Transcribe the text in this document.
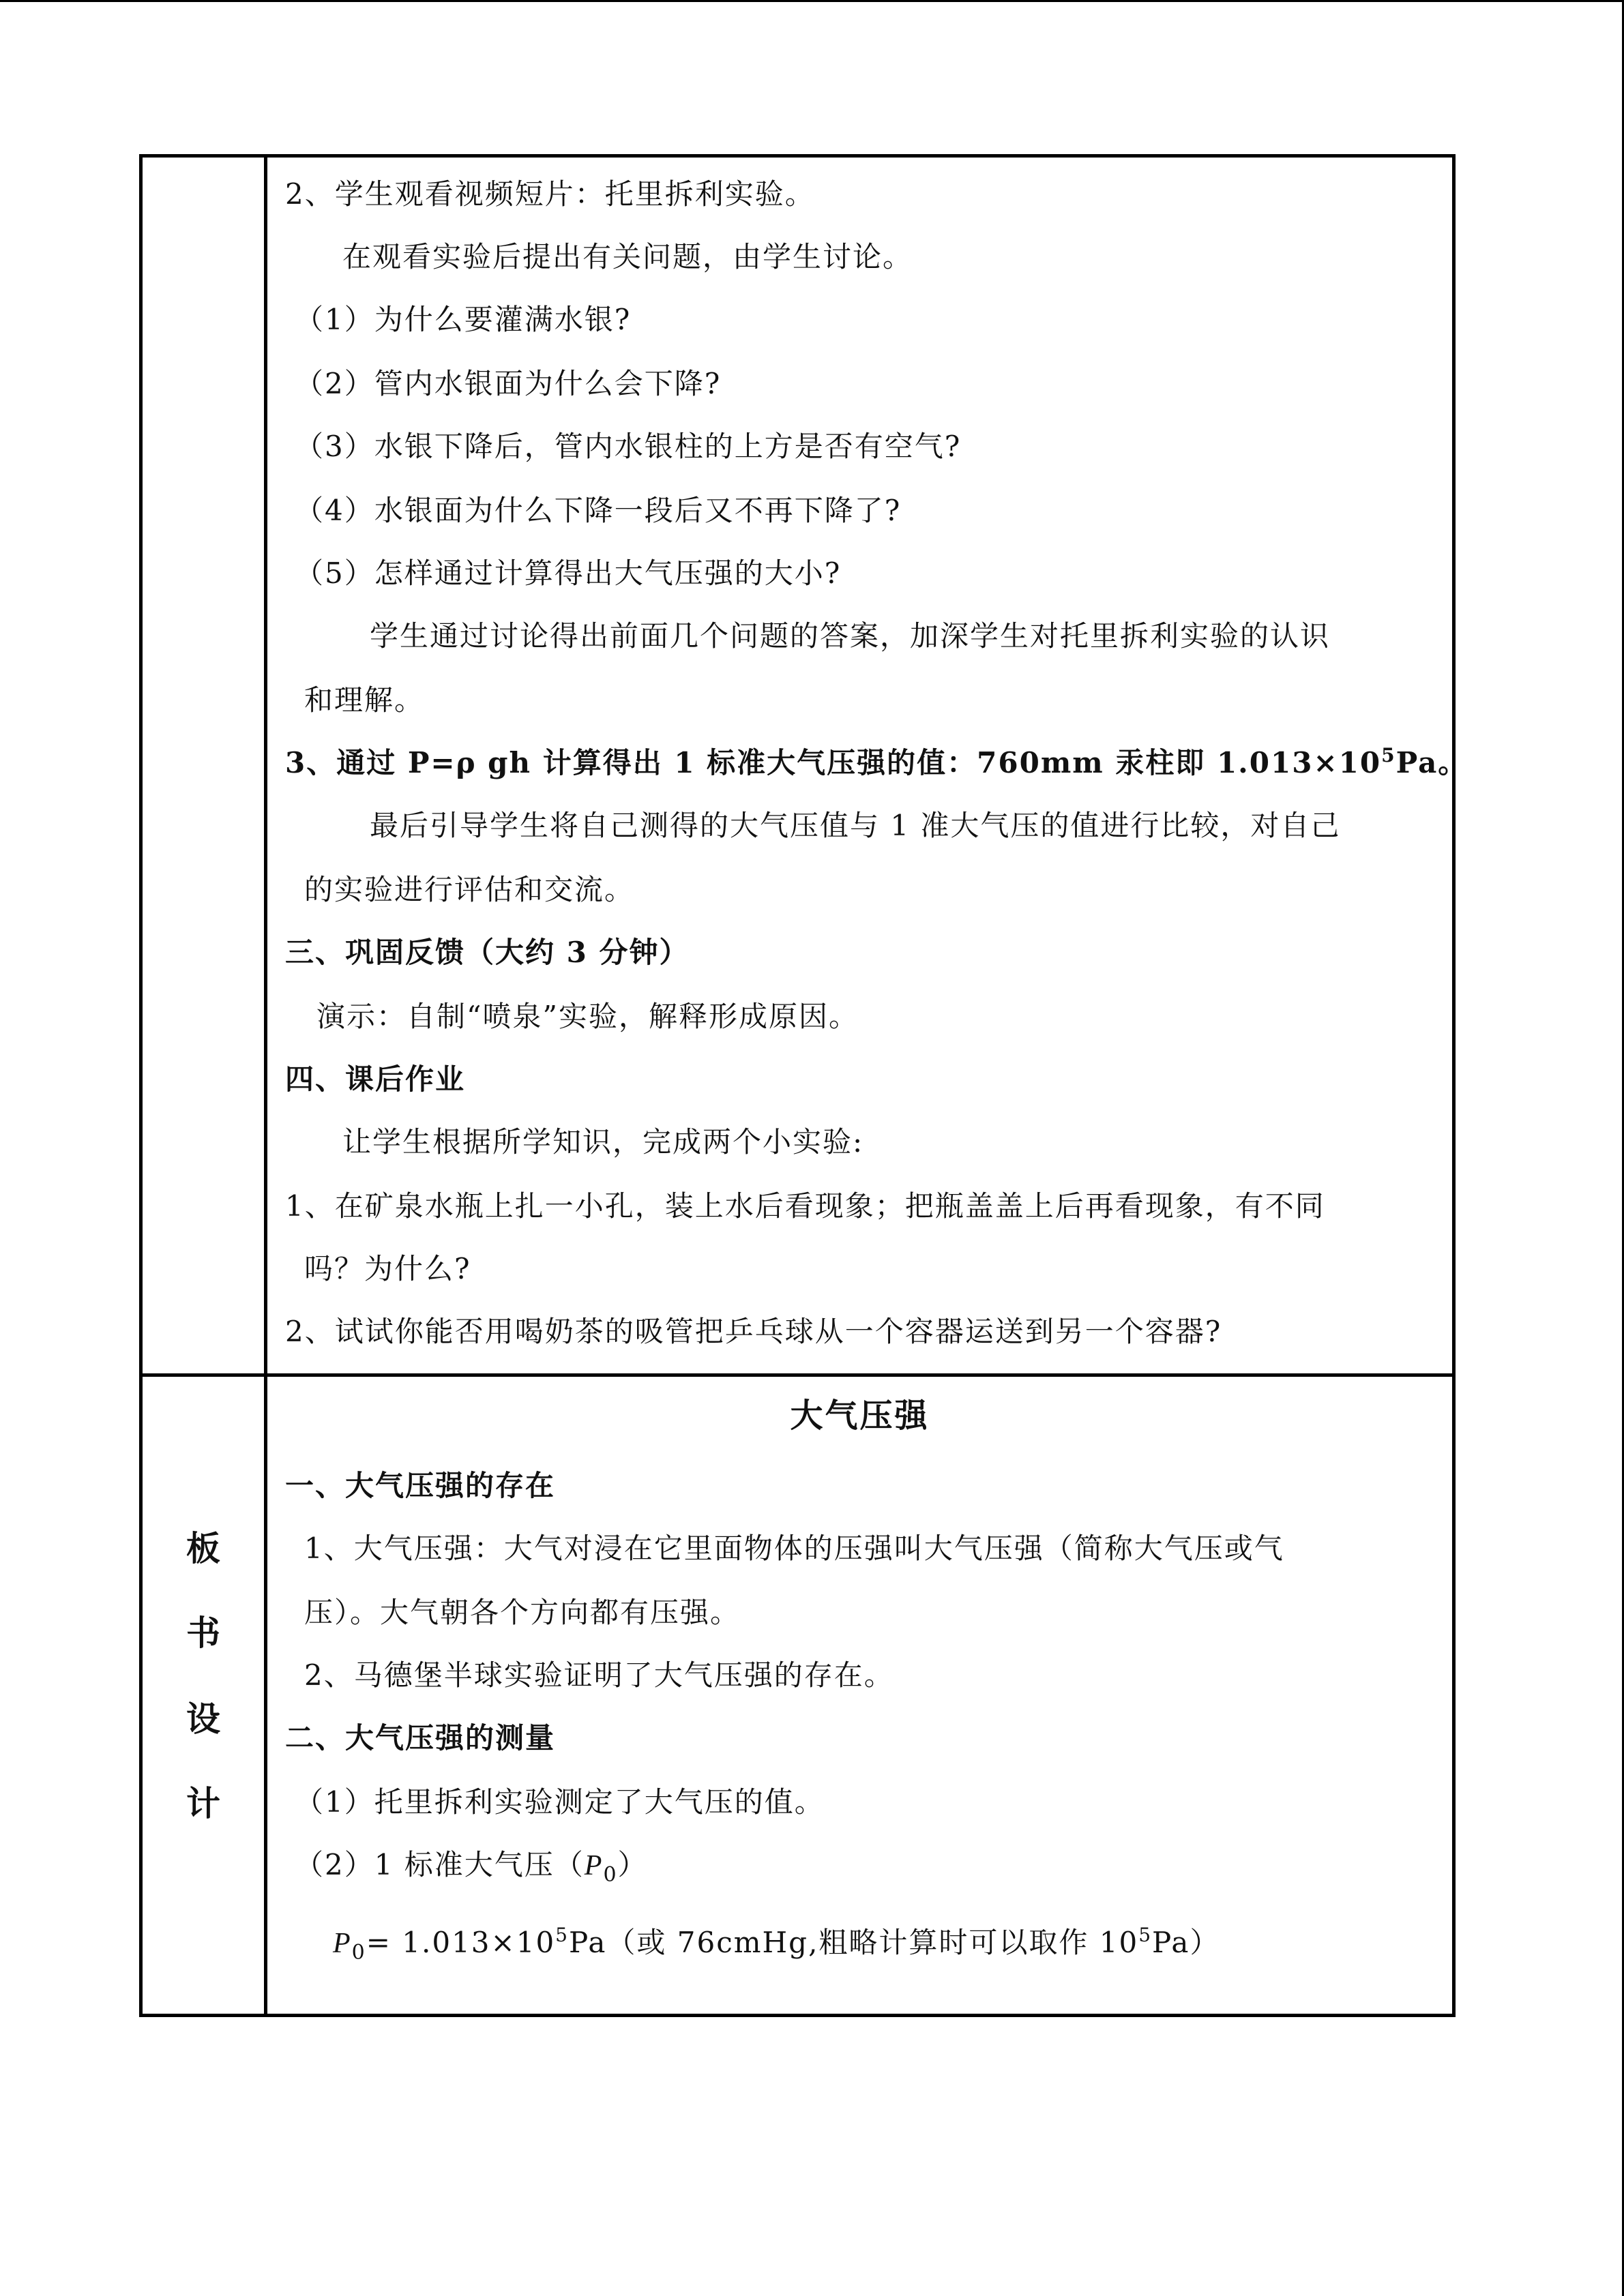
2、学生观看视频短片：托里拆利实验。
在观看实验后提出有关问题，由学生讨论。
（1）为什么要灌满水银?
（2）管内水银面为什么会下降?
（3）水银下降后，管内水银柱的上方是否有空气?
（4）水银面为什么下降一段后又不再下降了?
（5）怎样通过计算得出大气压强的大小?
学生通过讨论得出前面几个问题的答案，加深学生对托里拆利实验的认识
和理解。
3、通过 P=ρ gh 计算得出 1 标准大气压强的值：760mm 汞柱即 $1.013\times 10^5Pa$。
最后引导学生将自己测得的大气压值与 1 准大气压的值进行比较，对自己
的实验进行评估和交流。
三、巩固反馈（大约 3 分钟）
演示：自制“喷泉”实验，解释形成原因。
四、课后作业
让学生根据所学知识，完成两个小实验:
1、在矿泉水瓶上扎一小孔，装上水后看现象；把瓶盖盖上后再看现象，有不同
吗？为什么?
2、试试你能否用喝奶茶的吸管把乒乓球从一个容器运送到另一个容器?
板
书
设
计
大气压强
一、大气压强的存在
1、大气压强：大气对浸在它里面物体的压强叫大气压强（简称大气压或气
压）。大气朝各个方向都有压强。
2、马德堡半球实验证明了大气压强的存在。
二、大气压强的测量
（1）托里拆利实验测定了大气压的值。
（2）1 标准大气压$(P_0)$
$P_0= 1.013\times 10^5Pa$（或 76cmHg,粗略计算时可以取作 $10^5Pa$）
